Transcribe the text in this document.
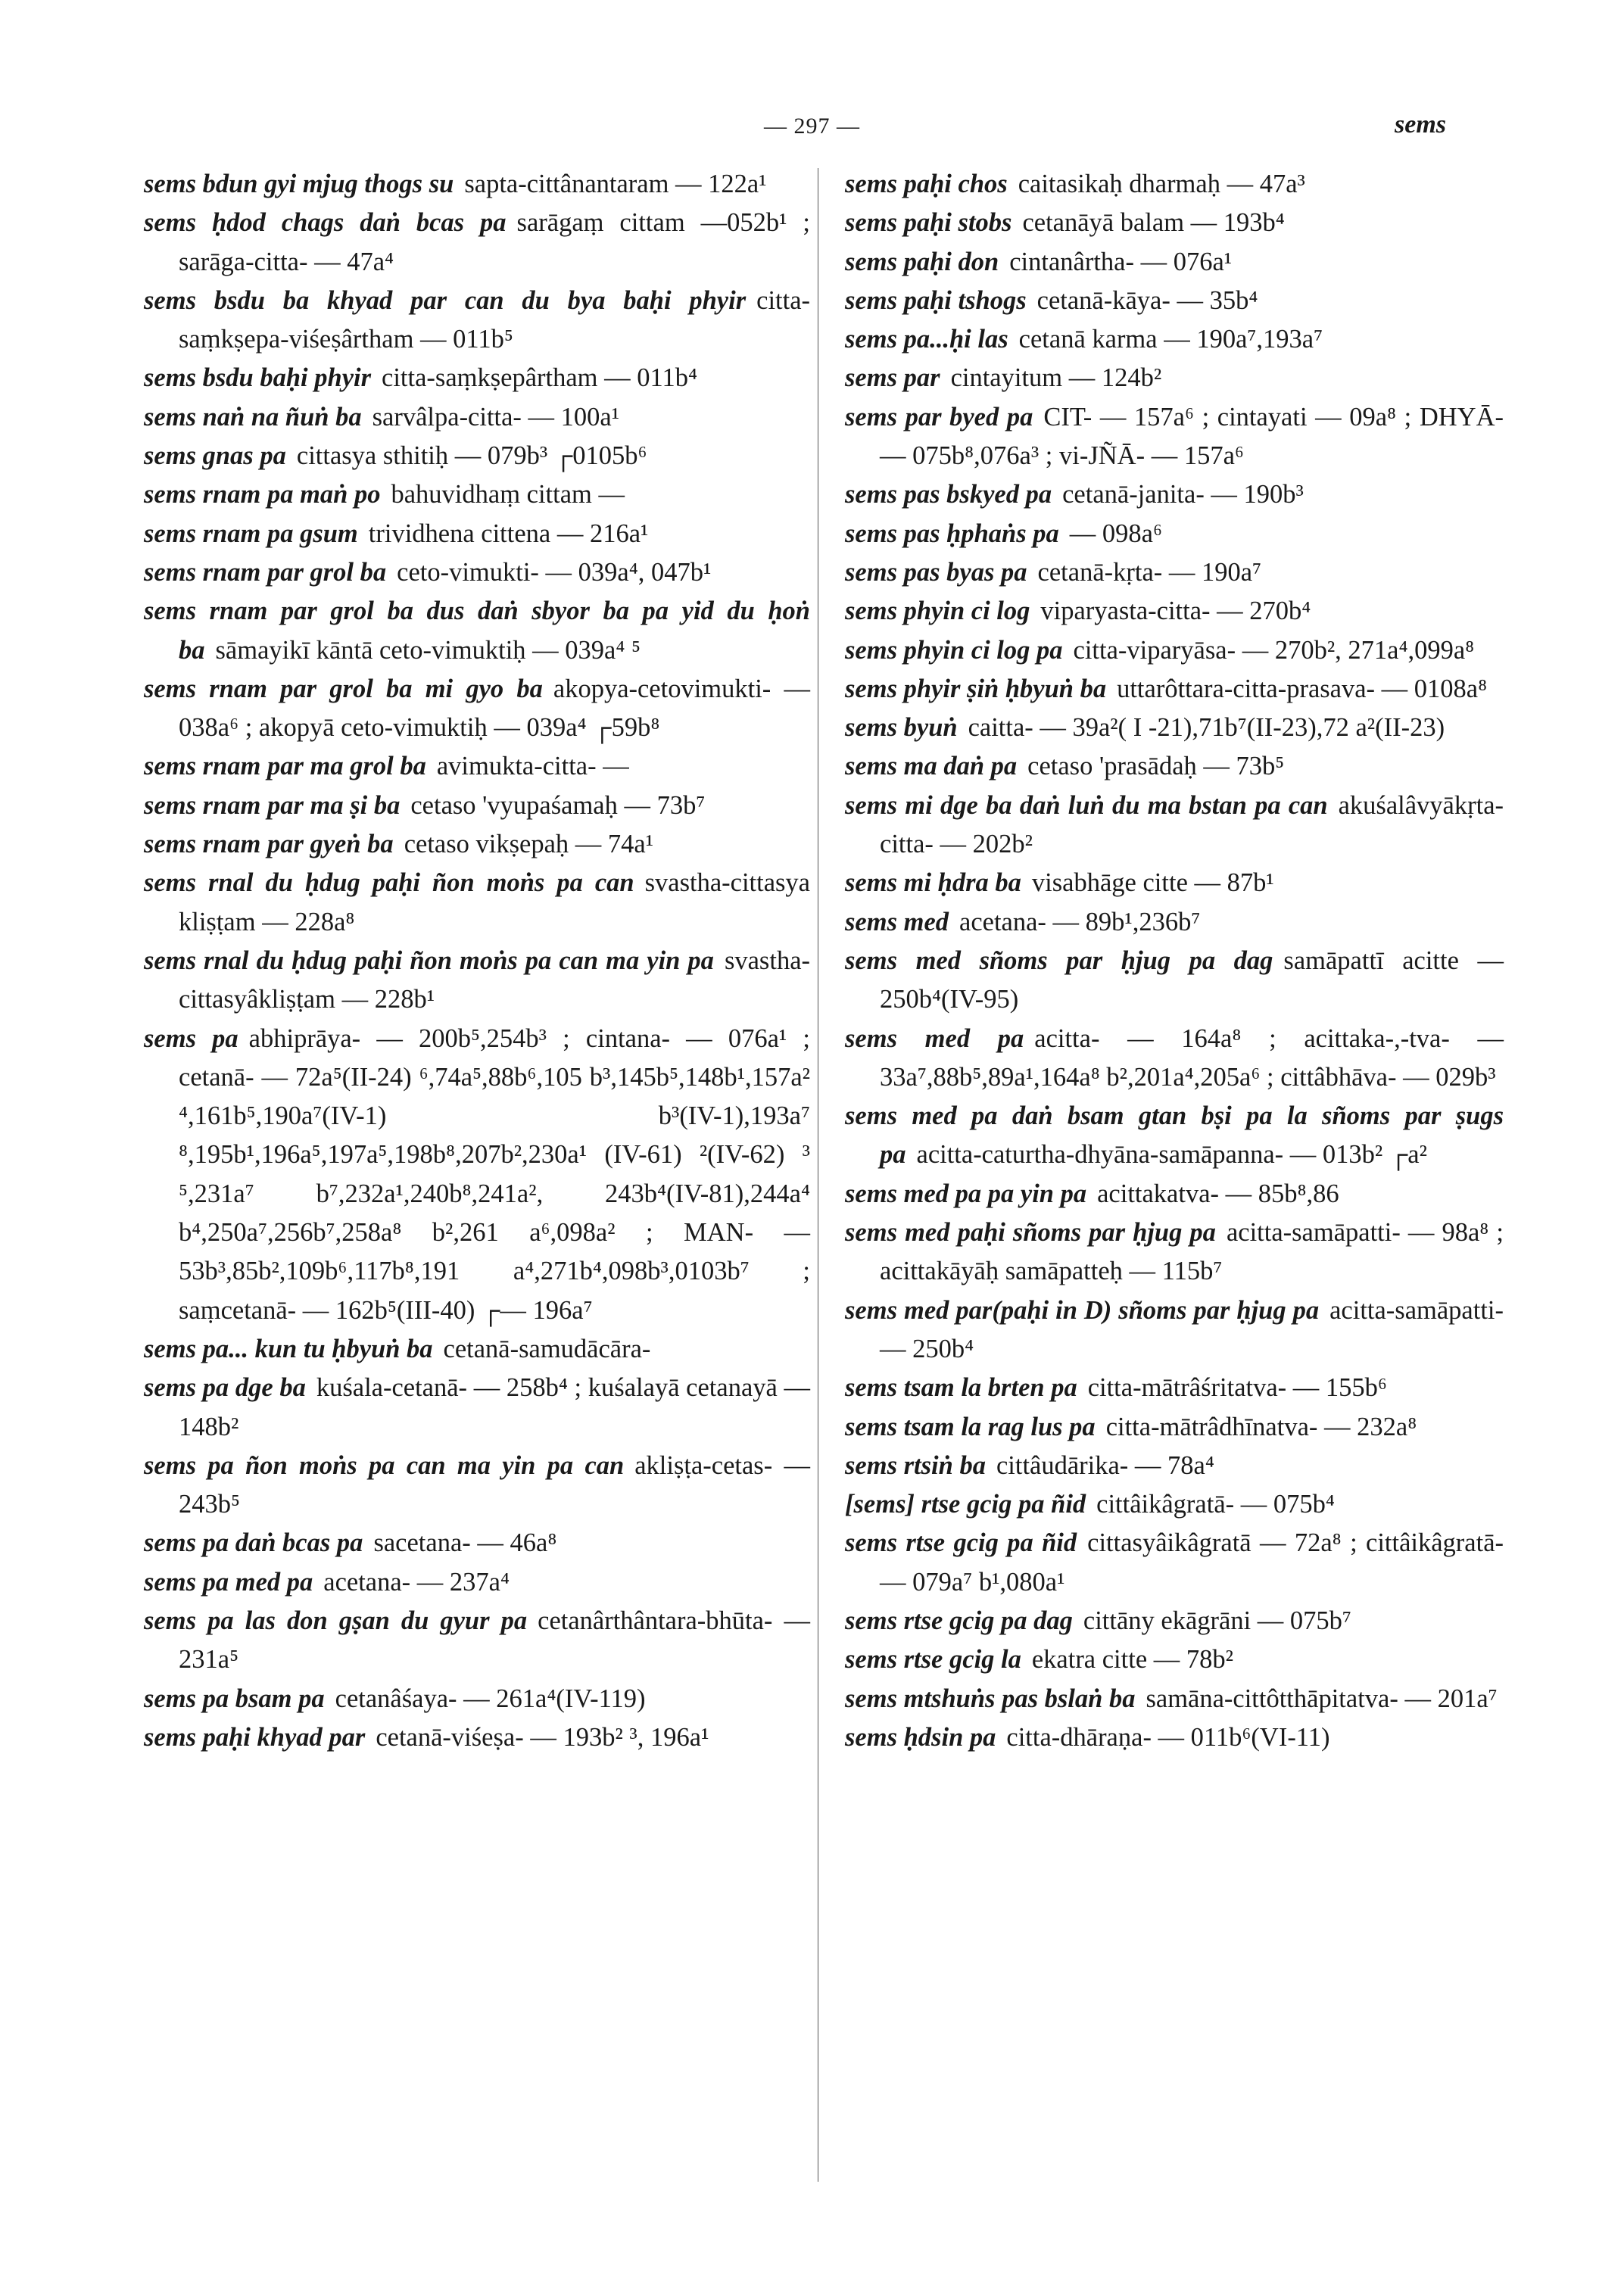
— 297 —	sems

sems bdun gyi mjug thogs su sapta-cittânantaram — 122a¹

sems ḥdod chags daṅ bcas pa sarāgaṃ cittam —052b¹ ; sarāga-citta- — 47a⁴

sems bsdu ba khyad par can du bya baḥi phyir citta-saṃkṣepa-viśeṣârtham — 011b⁵

sems bsdu baḥi phyir citta-saṃkṣepârtham — 011b⁴

sems naṅ na ñuṅ ba sarvâlpa-citta- — 100a¹

sems gnas pa cittasya sthitiḥ — 079b³ ┌0105b⁶

sems rnam pa maṅ po bahuvidhaṃ cittam —

sems rnam pa gsum trividhena cittena — 216a¹

sems rnam par grol ba ceto-vimukti- — 039a⁴, 047b¹

sems rnam par grol ba dus daṅ sbyor ba pa yid du ḥoṅ ba sāmayikī kāntā ceto-vimuktiḥ — 039a⁴ ⁵

sems rnam par grol ba mi gyo ba akopya-cetovimukti- — 038a⁶ ; akopyā ceto-vimuktiḥ — 039a⁴ ┌59b⁸

sems rnam par ma grol ba avimukta-citta- —

sems rnam par ma ṣi ba cetaso 'vyupaśamaḥ — 73b⁷

sems rnam par gyeṅ ba cetaso vikṣepaḥ — 74a¹

sems rnal du ḥdug paḥi ñon moṅs pa can svastha-cittasya kliṣṭam — 228a⁸

sems rnal du ḥdug paḥi ñon moṅs pa can ma yin pa svastha-cittasyâkliṣṭam — 228b¹

sems pa abhiprāya- — 200b⁵,254b³ ; cintana- — 076a¹ ; cetanā- — 72a⁵(II-24) ⁶,74a⁵,88b⁶,105 b³,145b⁵,148b¹,157a² ⁴,161b⁵,190a⁷(IV-1) b³(IV-1),193a⁷ ⁸,195b¹,196a⁵,197a⁵,198b⁸,207b²,230a¹ (IV-61) ²(IV-62) ³ ⁵,231a⁷ b⁷,232a¹,240b⁸,241a², 243b⁴(IV-81),244a⁴ b⁴,250a⁷,256b⁷,258a⁸ b²,261 a⁶,098a² ; MAN- — 53b³,85b²,109b⁶,117b⁸,191 a⁴,271b⁴,098b³,0103b⁷ ; saṃcetanā- — 162b⁵(III-40) ┌— 196a⁷

sems pa... kun tu ḥbyuṅ ba cetanā-samudācāra-

sems pa dge ba kuśala-cetanā- — 258b⁴ ; kuśalayā cetanayā — 148b²

sems pa ñon moṅs pa can ma yin pa can akliṣṭa-cetas- — 243b⁵

sems pa daṅ bcas pa sacetana- — 46a⁸

sems pa med pa acetana- — 237a⁴

sems pa las don gṣan du gyur pa cetanârthântara-bhūta- — 231a⁵

sems pa bsam pa cetanâśaya- — 261a⁴(IV-119)

sems paḥi khyad par cetanā-viśeṣa- — 193b² ³, 196a¹

sems paḥi chos caitasikaḥ dharmaḥ — 47a³

sems paḥi stobs cetanāyā balam — 193b⁴

sems paḥi don cintanârtha- — 076a¹

sems paḥi tshogs cetanā-kāya- — 35b⁴

sems pa...ḥi las cetanā karma — 190a⁷,193a⁷

sems par cintayitum — 124b²

sems par byed pa CIT- — 157a⁶ ; cintayati — 09a⁸ ; DHYĀ- — 075b⁸,076a³ ; vi-JÑĀ- — 157a⁶

sems pas bskyed pa cetanā-janita- — 190b³

sems pas ḥphaṅs pa — 098a⁶

sems pas byas pa cetanā-kṛta- — 190a⁷

sems phyin ci log viparyasta-citta- — 270b⁴

sems phyin ci log pa citta-viparyāsa- — 270b², 271a⁴,099a⁸

sems phyir ṣiṅ ḥbyuṅ ba uttarôttara-citta-prasava- — 0108a⁸

sems byuṅ caitta- — 39a²( I -21),71b⁷(II-23),72 a²(II-23)

sems ma daṅ pa cetaso 'prasādaḥ — 73b⁵

sems mi dge ba daṅ luṅ du ma bstan pa can akuśalâvyākṛta-citta- — 202b²

sems mi ḥdra ba visabhāge citte — 87b¹

sems med acetana- — 89b¹,236b⁷

sems med sñoms par ḥjug pa dag samāpattī acitte — 250b⁴(IV-95)

sems med pa acitta- — 164a⁸ ; acittaka-,-tva- — 33a⁷,88b⁵,89a¹,164a⁸ b²,201a⁴,205a⁶ ; cittâbhāva- — 029b³

sems med pa daṅ bsam gtan bṣi pa la sñoms par ṣugs pa acitta-caturtha-dhyāna-samāpanna- — 013b² ┌a²

sems med pa pa yin pa acittakatva- — 85b⁸,86

sems med paḥi sñoms par ḥjug pa acitta-samāpatti- — 98a⁸ ; acittakāyāḥ samāpatteḥ — 115b⁷

sems med par(paḥi in D) sñoms par ḥjug pa acitta-samāpatti- — 250b⁴

sems tsam la brten pa citta-mātrâśritatva- — 155b⁶

sems tsam la rag lus pa citta-mātrâdhīnatva- — 232a⁸

sems rtsiṅ ba cittâudārika- — 78a⁴

[sems] rtse gcig pa ñid cittâikâgratā- — 075b⁴

sems rtse gcig pa ñid cittasyâikâgratā — 72a⁸ ; cittâikâgratā- — 079a⁷ b¹,080a¹

sems rtse gcig pa dag cittāny ekāgrāni — 075b⁷

sems rtse gcig la ekatra citte — 78b²

sems mtshuṅs pas bslaṅ ba samāna-cittôtthāpitatva- — 201a⁷

sems ḥdsin pa citta-dhāraṇa- — 011b⁶(VI-11)
